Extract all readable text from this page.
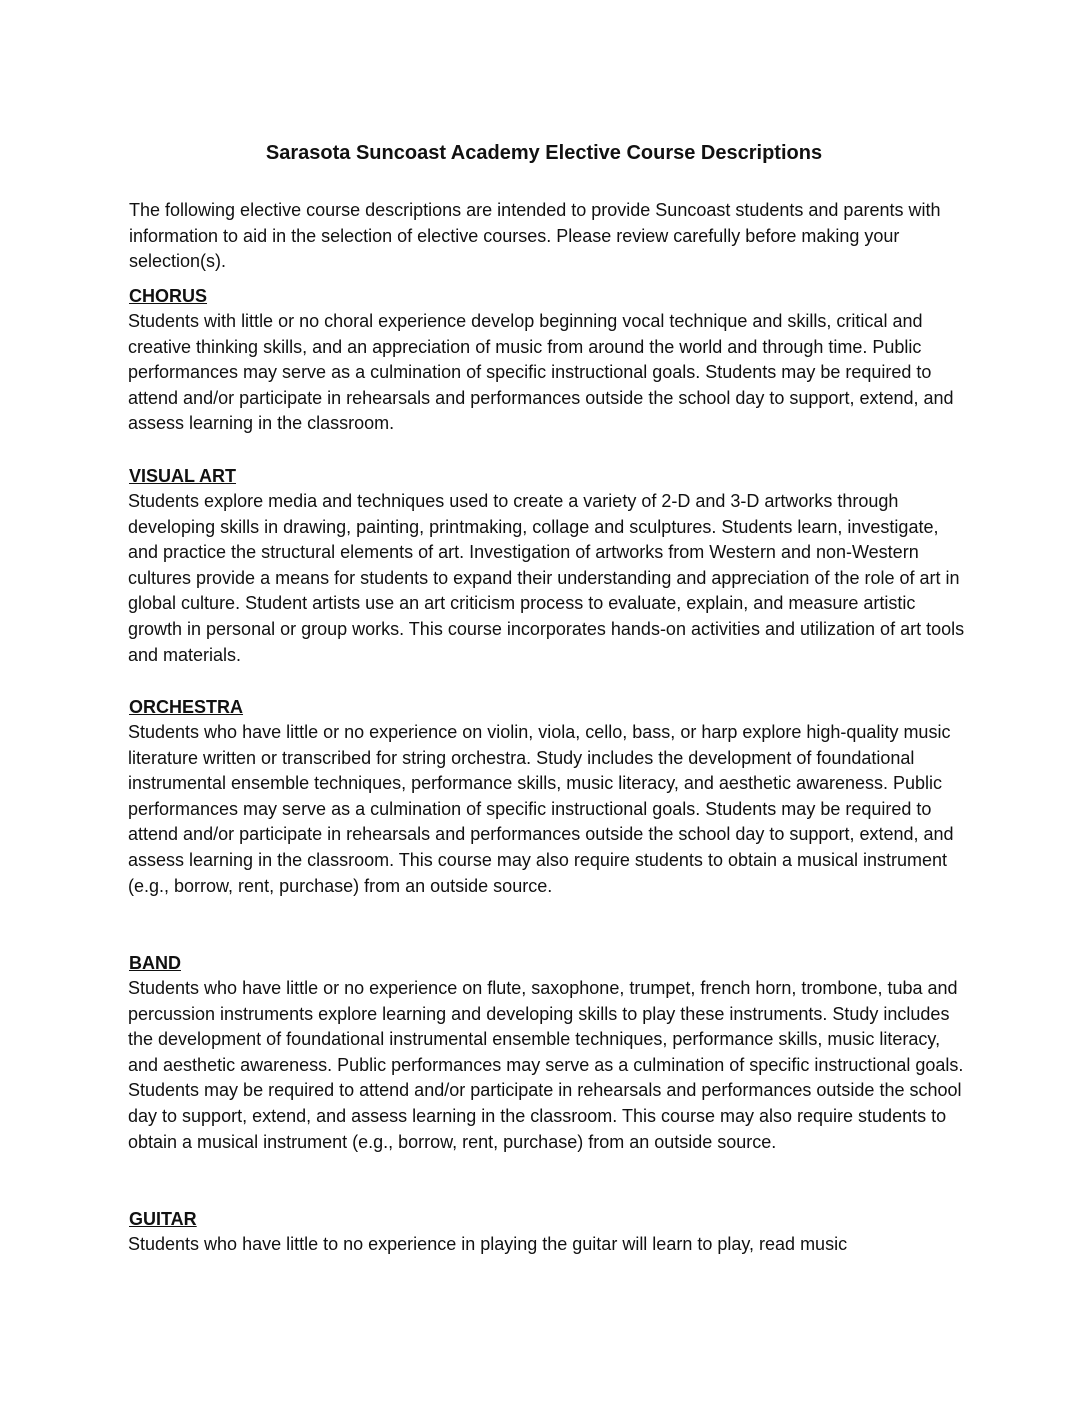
Sarasota Suncoast Academy Elective Course Descriptions

The following elective course descriptions are intended to provide Suncoast students and parents with information to aid in the selection of elective courses. Please review carefully before making your selection(s).

CHORUS

Students with little or no choral experience develop beginning vocal technique and skills, critical and creative thinking skills, and an appreciation of music from around the world and through time. Public performances may serve as a culmination of specific instructional goals. Students may be required to attend and/or participate in rehearsals and performances outside the school day to support, extend, and assess learning in the classroom.

VISUAL ART

Students explore media and techniques used to create a variety of 2-D and 3-D artworks through developing skills in drawing, painting, printmaking, collage and sculptures. Students learn, investigate, and practice the structural elements of art. Investigation of artworks from Western and non-Western cultures provide a means for students to expand their understanding and appreciation of the role of art in global culture. Student artists use an art criticism process to evaluate, explain, and measure artistic growth in personal or group works. This course incorporates hands-on activities and utilization of art tools and materials.

ORCHESTRA

Students who have little or no experience on violin, viola, cello, bass, or harp explore high-quality music literature written or transcribed for string orchestra. Study includes the development of foundational instrumental ensemble techniques, performance skills, music literacy, and aesthetic awareness. Public performances may serve as a culmination of specific instructional goals. Students may be required to attend and/or participate in rehearsals and performances outside the school day to support, extend, and assess learning in the classroom. This course may also require students to obtain a musical instrument (e.g., borrow, rent, purchase) from an outside source.

BAND

Students who have little or no experience on flute, saxophone, trumpet, french horn, trombone, tuba and percussion instruments explore learning and developing skills to play these instruments. Study includes the development of foundational instrumental ensemble techniques, performance skills, music literacy, and aesthetic awareness. Public performances may serve as a culmination of specific instructional goals. Students may be required to attend and/or participate in rehearsals and performances outside the school day to support, extend, and assess learning in the classroom. This course may also require students to obtain a musical instrument (e.g., borrow, rent, purchase) from an outside source.

GUITAR

Students who have little to no experience in playing the guitar will learn to play, read music
